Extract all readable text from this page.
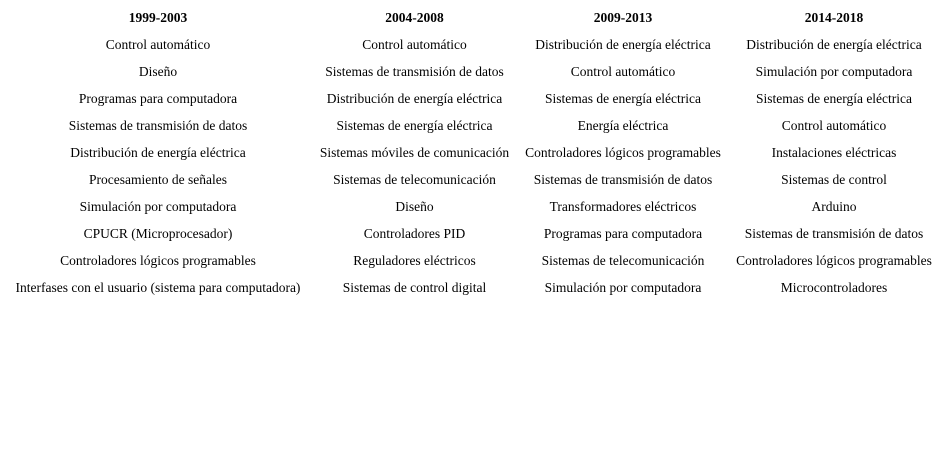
1999-2003	2004-2008	2009-2013	2014-2018
Control automático	Control automático	Distribución de energía eléctrica	Distribución de energía eléctrica
Diseño	Sistemas de transmisión de datos	Control automático	Simulación por computadora
Programas para computadora	Distribución de energía eléctrica	Sistemas de energía eléctrica	Sistemas de energía eléctrica
Sistemas de transmisión de datos	Sistemas de energía eléctrica	Energía eléctrica	Control automático
Distribución de energía eléctrica	Sistemas móviles de comunicación	Controladores lógicos programables	Instalaciones eléctricas
Procesamiento de señales	Sistemas de telecomunicación	Sistemas de transmisión de datos	Sistemas de control
Simulación por computadora	Diseño	Transformadores eléctricos	Arduino
CPUCR (Microprocesador)	Controladores PID	Programas para computadora	Sistemas de transmisión de datos
Controladores lógicos programables	Reguladores eléctricos	Sistemas de telecomunicación	Controladores lógicos programables
Interfases con el usuario (sistema para computadora)	Sistemas de control digital	Simulación por computadora	Microcontroladores
